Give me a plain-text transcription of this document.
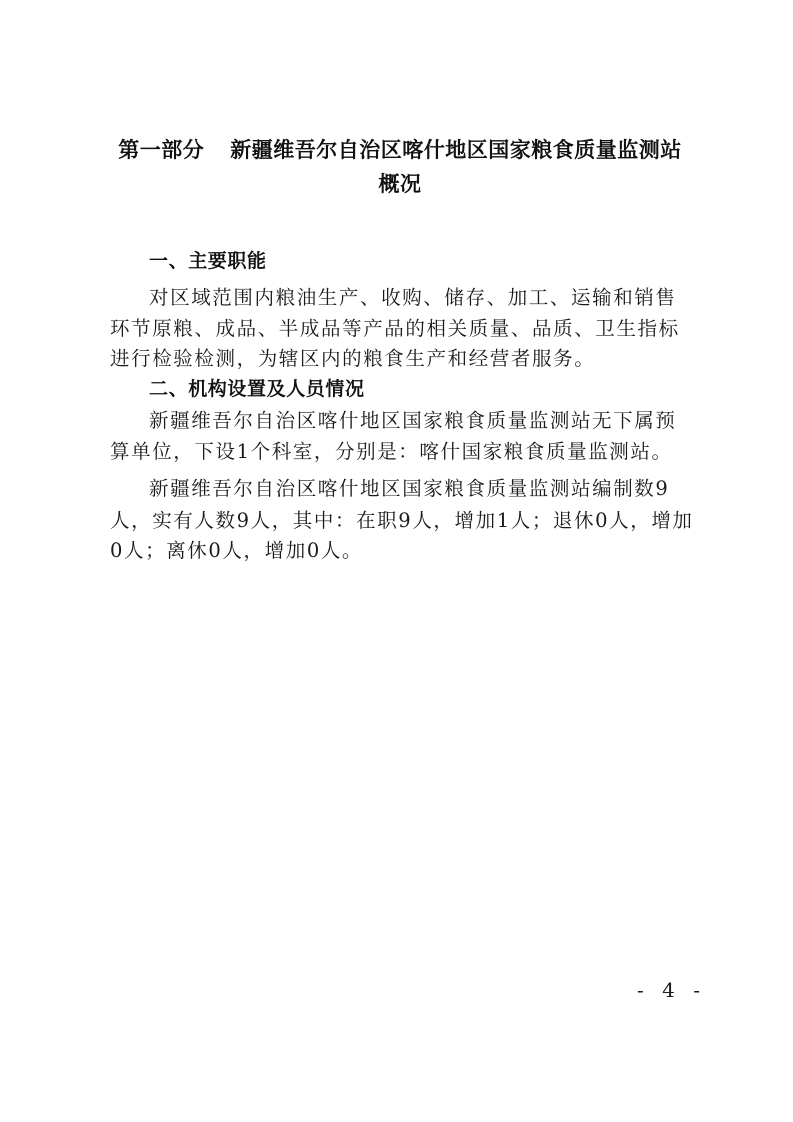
第一部分 新疆维吾尔自治区喀什地区国家粮食质量监测站
概况
一、主要职能
对区域范围内粮油生产、收购、储存、加工、运输和销售
环节原粮、成品、半成品等产品的相关质量、品质、卫生指标
进行检验检测，为辖区内的粮食生产和经营者服务。
二、机构设置及人员情况
新疆维吾尔自治区喀什地区国家粮食质量监测站无下属预
算单位，下设1个科室，分别是：喀什国家粮食质量监测站。
新疆维吾尔自治区喀什地区国家粮食质量监测站编制数9
人，实有人数9人，其中：在职9人，增加1人；退休0人，增加
0人；离休0人，增加0人。
- 4 -
